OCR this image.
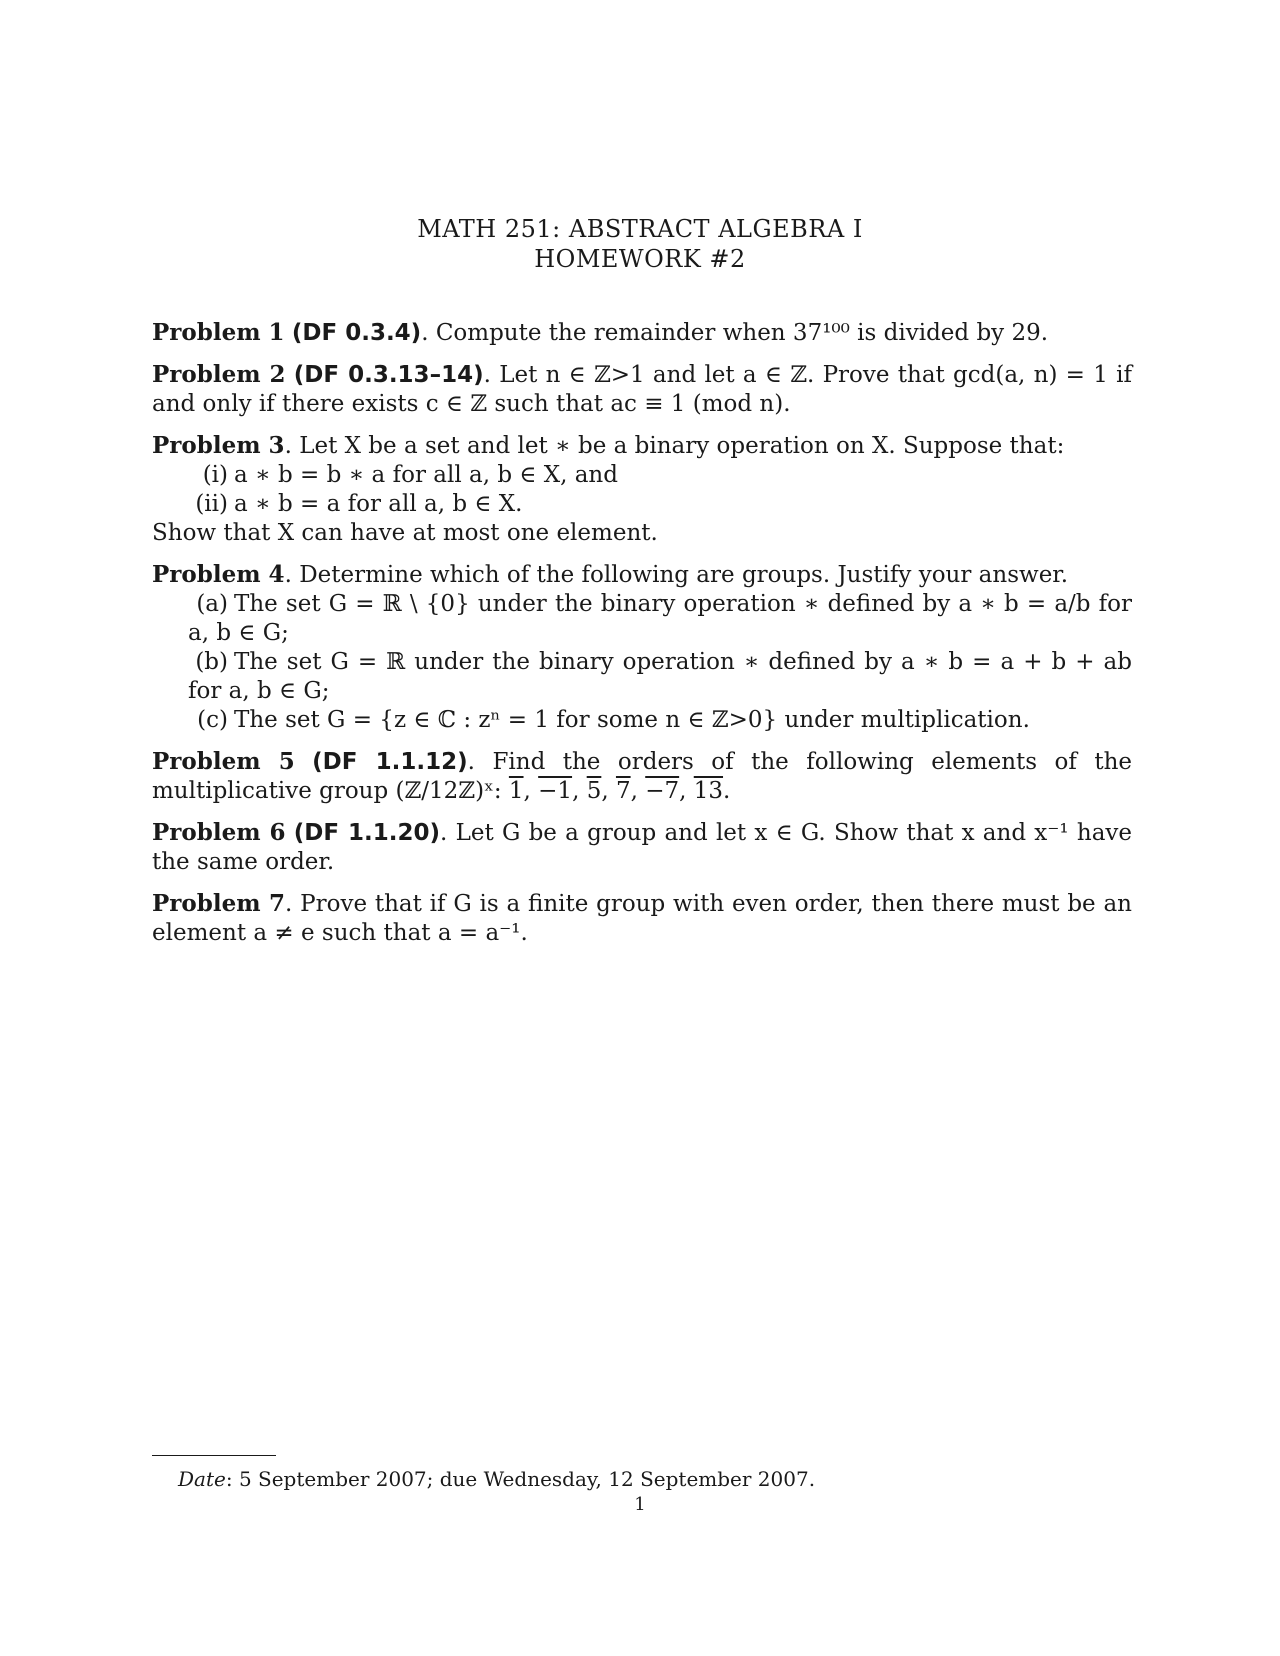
MATH 251: ABSTRACT ALGEBRA I
HOMEWORK #2
Problem 1 (DF 0.3.4). Compute the remainder when 37¹⁰⁰ is divided by 29.
Problem 2 (DF 0.3.13–14). Let n ∈ ℤ>1 and let a ∈ ℤ. Prove that gcd(a, n) = 1 if and only if there exists c ∈ ℤ such that ac ≡ 1 (mod n).
Problem 3. Let X be a set and let ∗ be a binary operation on X. Suppose that:
(i) a ∗ b = b ∗ a for all a, b ∈ X, and
(ii) a ∗ b = a for all a, b ∈ X.
Show that X can have at most one element.
Problem 4. Determine which of the following are groups. Justify your answer.
(a) The set G = ℝ \ {0} under the binary operation ∗ defined by a ∗ b = a/b for a, b ∈ G;
(b) The set G = ℝ under the binary operation ∗ defined by a ∗ b = a + b + ab for a, b ∈ G;
(c) The set G = {z ∈ ℂ : zⁿ = 1 for some n ∈ ℤ>0} under multiplication.
Problem 5 (DF 1.1.12). Find the orders of the following elements of the multiplicative group (ℤ/12ℤ)ˣ: 1, −1, 5, 7, −7, 13.
Problem 6 (DF 1.1.20). Let G be a group and let x ∈ G. Show that x and x⁻¹ have the same order.
Problem 7. Prove that if G is a finite group with even order, then there must be an element a ≠ e such that a = a⁻¹.
Date: 5 September 2007; due Wednesday, 12 September 2007.
1
